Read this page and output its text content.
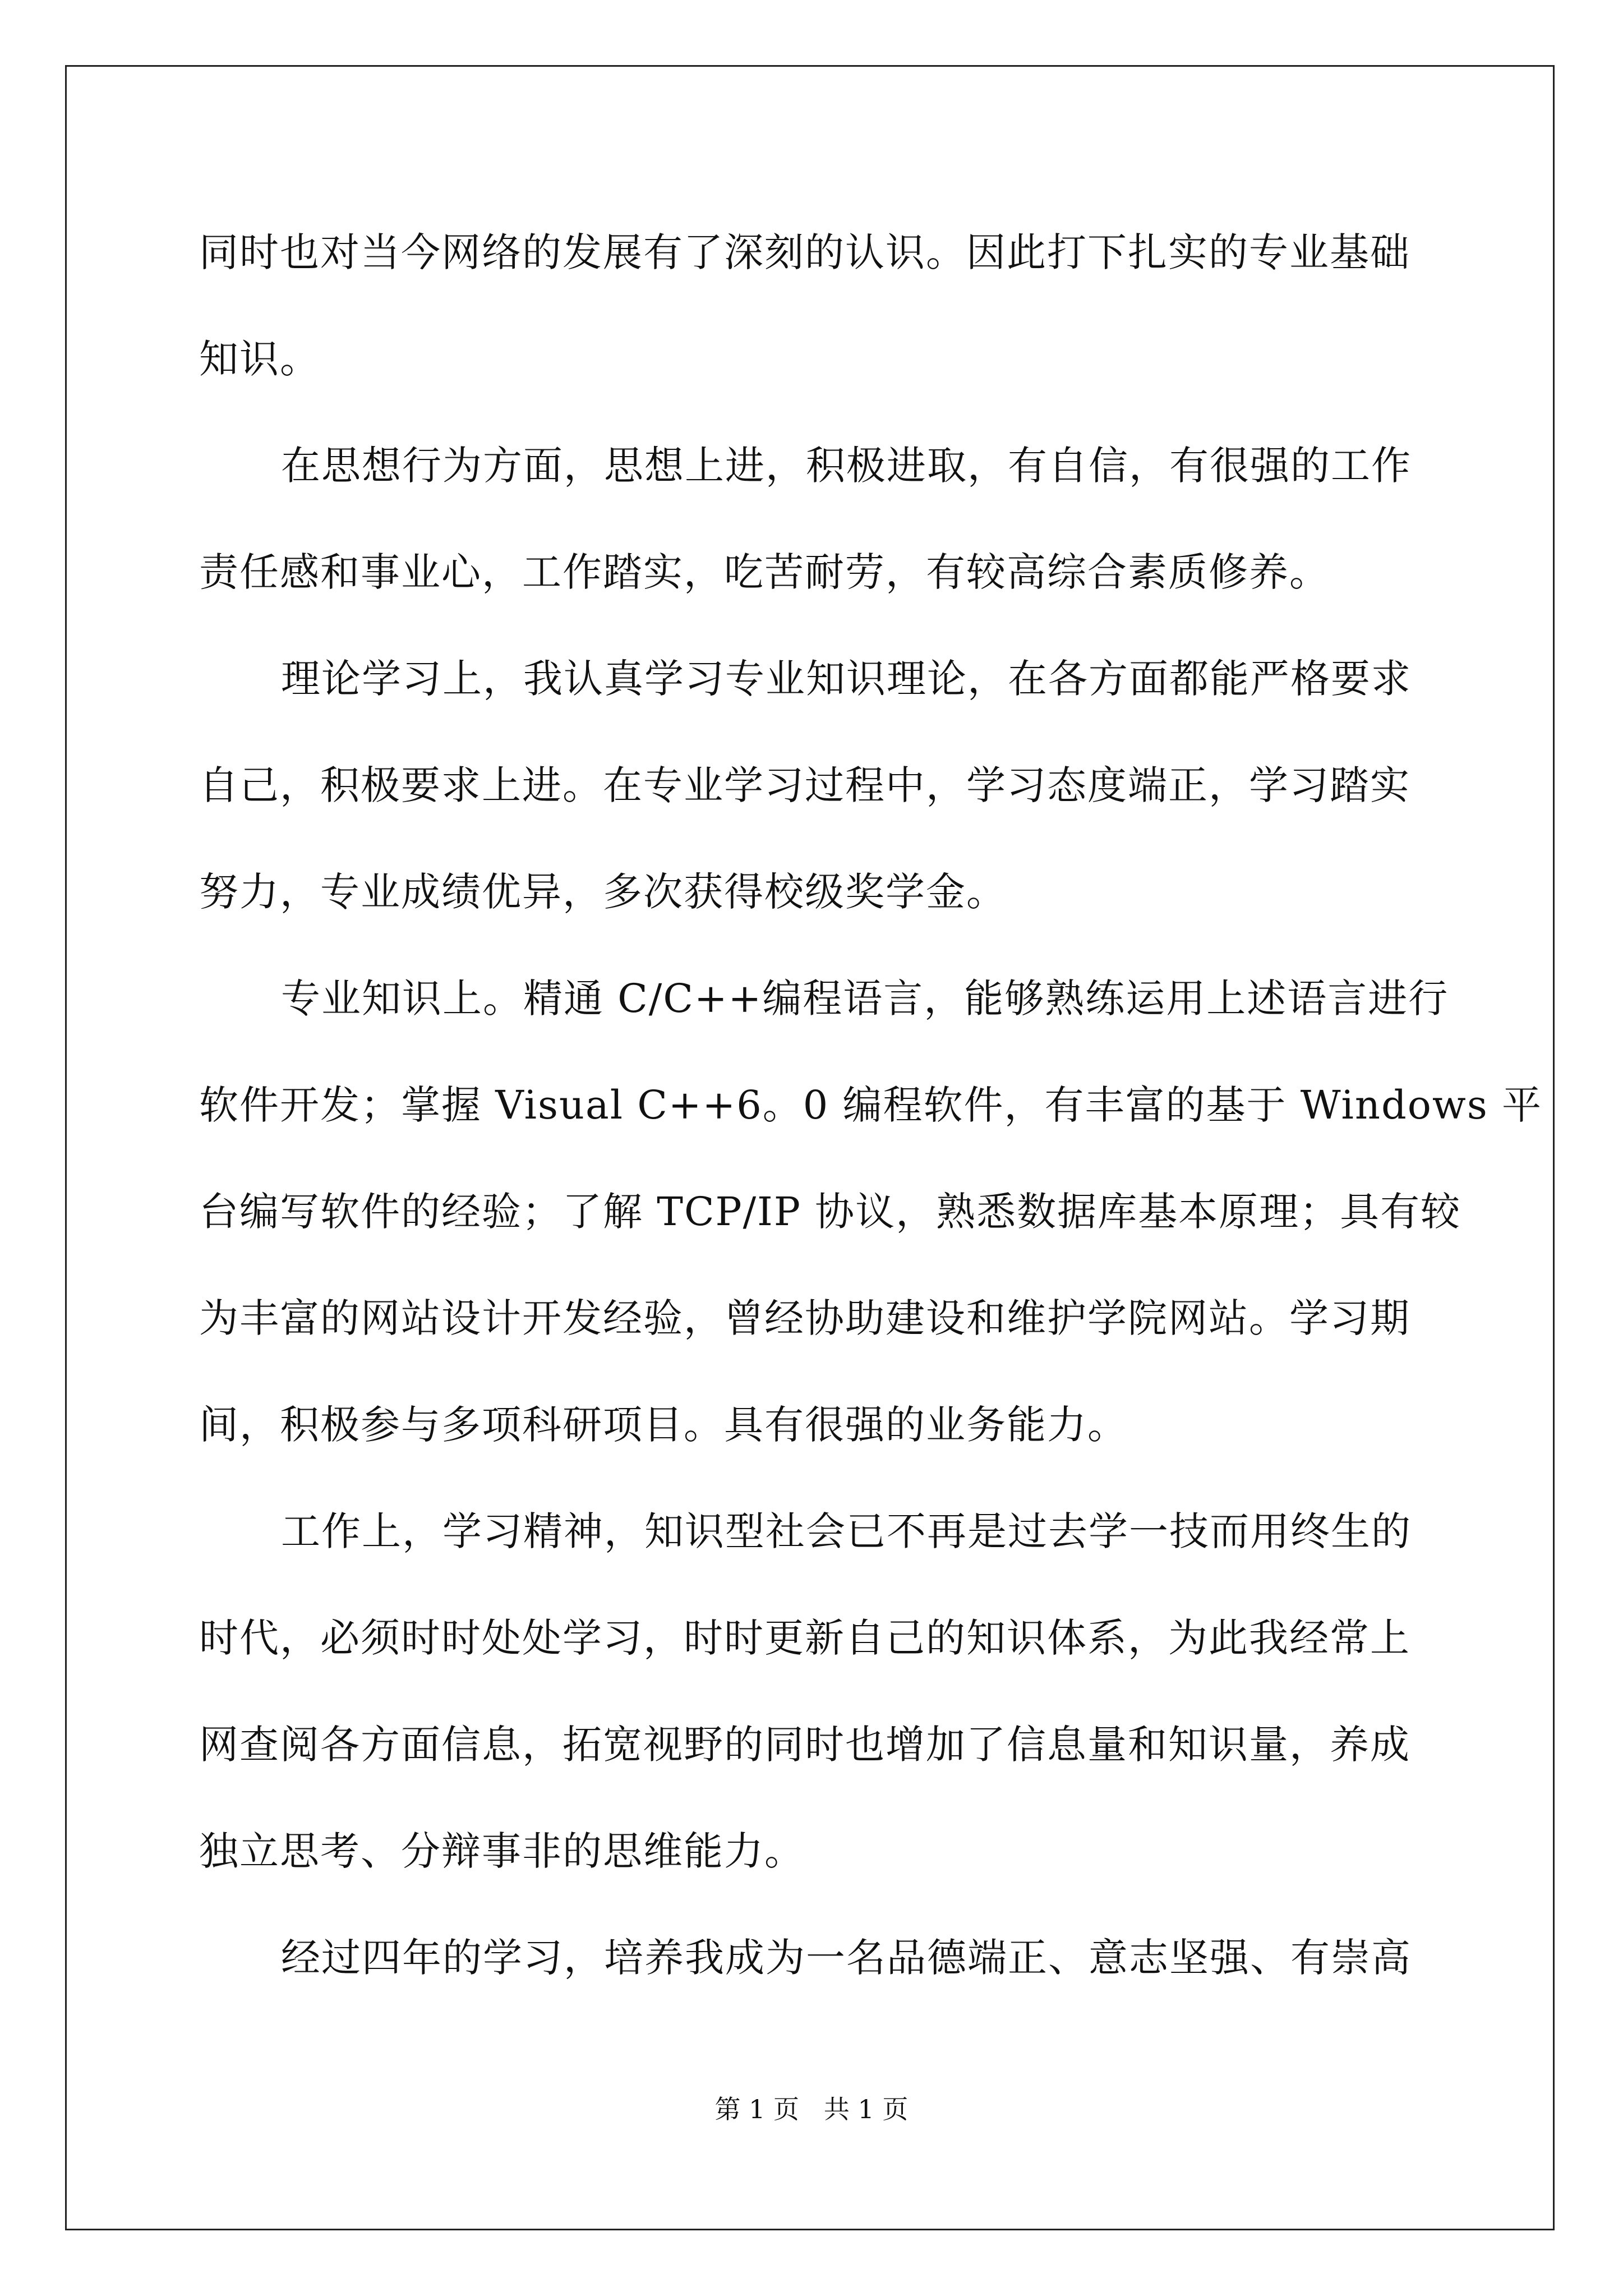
同时也对当今网络的发展有了深刻的认识。因此打下扎实的专业基础
知识。
在思想行为方面，思想上进，积极进取，有自信，有很强的工作
责任感和事业心，工作踏实，吃苦耐劳，有较高综合素质修养。
理论学习上，我认真学习专业知识理论，在各方面都能严格要求
自己，积极要求上进。在专业学习过程中，学习态度端正，学习踏实
努力，专业成绩优异，多次获得校级奖学金。
专业知识上。精通 C/C++编程语言，能够熟练运用上述语言进行
软件开发；掌握 Visual C++6。0 编程软件，有丰富的基于 Windows 平
台编写软件的经验；了解 TCP/IP 协议，熟悉数据库基本原理；具有较
为丰富的网站设计开发经验，曾经协助建设和维护学院网站。学习期
间，积极参与多项科研项目。具有很强的业务能力。
工作上，学习精神，知识型社会已不再是过去学一技而用终生的
时代，必须时时处处学习，时时更新自己的知识体系，为此我经常上
网查阅各方面信息，拓宽视野的同时也增加了信息量和知识量，养成
独立思考、分辩事非的思维能力。
经过四年的学习，培养我成为一名品德端正、意志坚强、有崇高
第 1 页   共 1 页
